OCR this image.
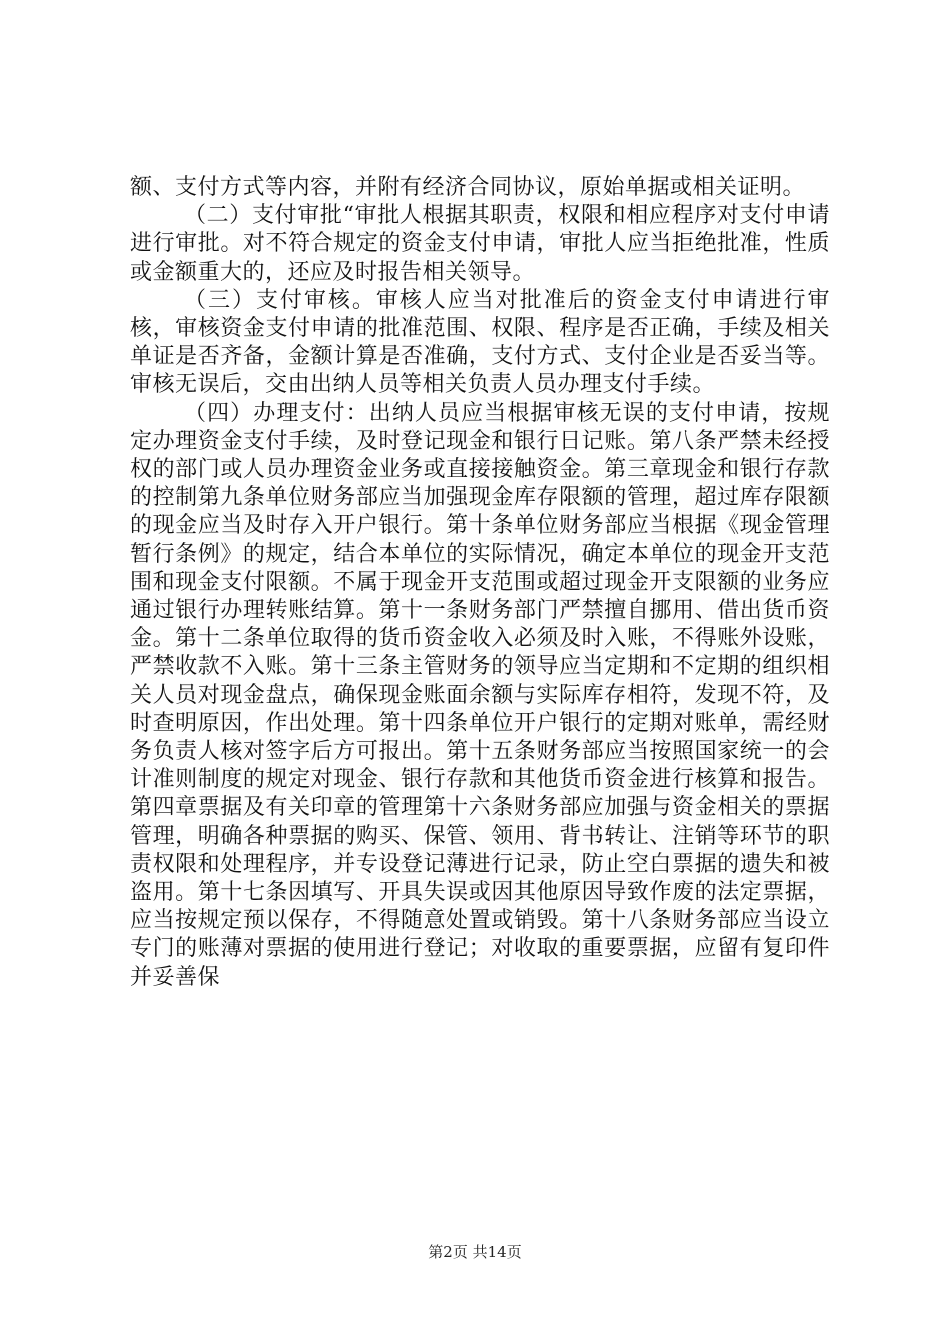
额、支付方式等内容，并附有经济合同协议，原始单据或相关证明。

（二）支付审批“审批人根据其职责，权限和相应程序对支付申请进行审批。对不符合规定的资金支付申请，审批人应当拒绝批准，性质或金额重大的，还应及时报告相关领导。

（三）支付审核。审核人应当对批准后的资金支付申请进行审核，审核资金支付申请的批准范围、权限、程序是否正确，手续及相关单证是否齐备，金额计算是否准确，支付方式、支付企业是否妥当等。审核无误后，交由出纳人员等相关负责人员办理支付手续。

（四）办理支付：出纳人员应当根据审核无误的支付申请，按规定办理资金支付手续，及时登记现金和银行日记账。第八条严禁未经授权的部门或人员办理资金业务或直接接触资金。第三章现金和银行存款的控制第九条单位财务部应当加强现金库存限额的管理，超过库存限额的现金应当及时存入开户银行。第十条单位财务部应当根据《现金管理暂行条例》的规定，结合本单位的实际情况，确定本单位的现金开支范围和现金支付限额。不属于现金开支范围或超过现金开支限额的业务应通过银行办理转账结算。第十一条财务部门严禁擅自挪用、借出货币资金。第十二条单位取得的货币资金收入必须及时入账，不得账外设账，严禁收款不入账。第十三条主管财务的领导应当定期和不定期的组织相关人员对现金盘点，确保现金账面余额与实际库存相符，发现不符，及时查明原因，作出处理。第十四条单位开户银行的定期对账单，需经财务负责人核对签字后方可报出。第十五条财务部应当按照国家统一的会计准则制度的规定对现金、银行存款和其他货币资金进行核算和报告。第四章票据及有关印章的管理第十六条财务部应加强与资金相关的票据管理，明确各种票据的购买、保管、领用、背书转让、注销等环节的职责权限和处理程序，并专设登记薄进行记录，防止空白票据的遗失和被盗用。第十七条因填写、开具失误或因其他原因导致作废的法定票据，应当按规定预以保存，不得随意处置或销毁。第十八条财务部应当设立专门的账薄对票据的使用进行登记；对收取的重要票据，应留有复印件并妥善保

第2页 共14页
